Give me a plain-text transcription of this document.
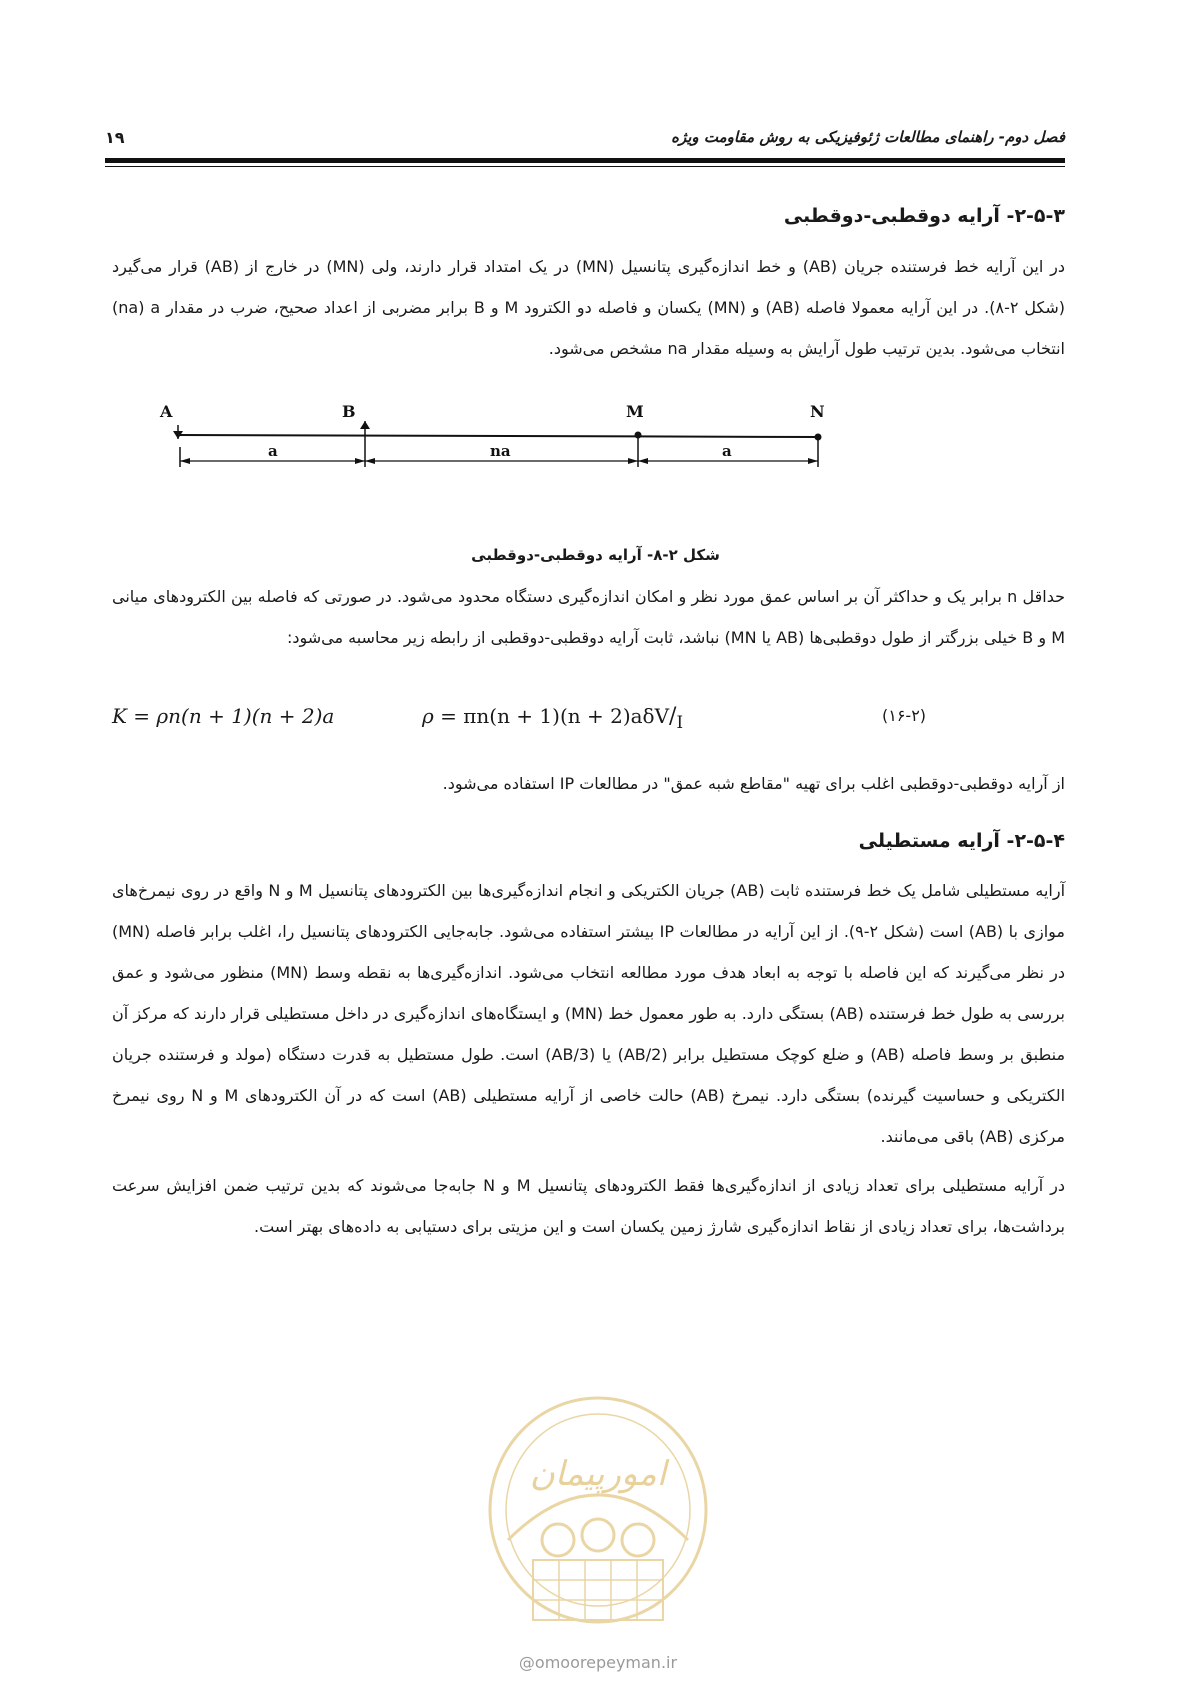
فصل دوم- راهنمای مطالعات ژئوفیزیکی به روش مقاومت ویژه
۱۹
۲-۵-۳- آرایه دوقطبی-دوقطبی

در این آرایه خط فرستنده جریان (AB) و خط اندازه‌گیری پتانسیل (MN) در یک امتداد قرار دارند، ولی (MN) در خارج از (AB) قرار می‌گیرد (شکل ۲-۸). در این آرایه معمولا فاصله (AB) و (MN) یکسان و فاصله دو الکترود M و B برابر مضربی از اعداد صحیح، ضرب در مقدار na) a) انتخاب می‌شود. بدین ترتیب طول آرایش به وسیله مقدار na مشخص می‌شود.

A	B	M	N
a	na	a
شکل ۲-۸- آرایه دوقطبی-دوقطبی

حداقل n برابر یک و حداکثر آن بر اساس عمق مورد نظر و امکان اندازه‌گیری دستگاه محدود می‌شود. در صورتی که فاصله بین الکترودهای میانی M و B خیلی بزرگتر از طول دوقطبی‌ها (AB یا MN) نباشد، ثابت آرایه دوقطبی-دوقطبی از رابطه زیر محاسبه می‌شود:

K = ρn(n + 1)(n + 2)a	$\rho = \pi n(n + 1)(n + 2)a\delta V/_I$	(۱۶-۲)

از آرایه دوقطبی-دوقطبی اغلب برای تهیه "مقاطع شبه عمق" در مطالعات IP استفاده می‌شود.

۲-۵-۴- آرایه مستطیلی

آرایه مستطیلی شامل یک خط فرستنده ثابت (AB) جریان الکتریکی و انجام اندازه‌گیری‌ها بین الکترودهای پتانسیل M و N واقع در روی نیمرخ‌های موازی با (AB) است (شکل ۲-۹). از این آرایه در مطالعات IP بیشتر استفاده می‌شود. جابه‌جایی الکترودهای پتانسیل را، اغلب برابر فاصله (MN) در نظر می‌گیرند که این فاصله با توجه به ابعاد هدف مورد مطالعه انتخاب می‌شود. اندازه‌گیری‌ها به نقطه وسط (MN) منظور می‌شود و عمق بررسی به طول خط فرستنده (AB) بستگی دارد. به طور معمول خط (MN) و ایستگاه‌های اندازه‌گیری در داخل مستطیلی قرار دارند که مرکز آن منطبق بر وسط فاصله (AB) و ضلع کوچک مستطیل برابر (AB/2) یا (AB/3) است. طول مستطیل به قدرت دستگاه (مولد و فرستنده جریان الکتریکی و حساسیت گیرنده) بستگی دارد. نیمرخ (AB) حالت خاصی از آرایه مستطیلی (AB) است که در آن الکترودهای M و N روی نیمرخ مرکزی (AB) باقی می‌مانند.

در آرایه مستطیلی برای تعداد زیادی از اندازه‌گیری‌ها فقط الکترودهای پتانسیل M و N جابه‌جا می‌شوند که بدین ترتیب ضمن افزایش سرعت برداشت‌ها، برای تعداد زیادی از نقاط اندازه‌گیری شارژ زمین یکسان است و این مزیتی برای دستیابی به داده‌های بهتر است.

امورپیمان
@omoorepeyman.ir
